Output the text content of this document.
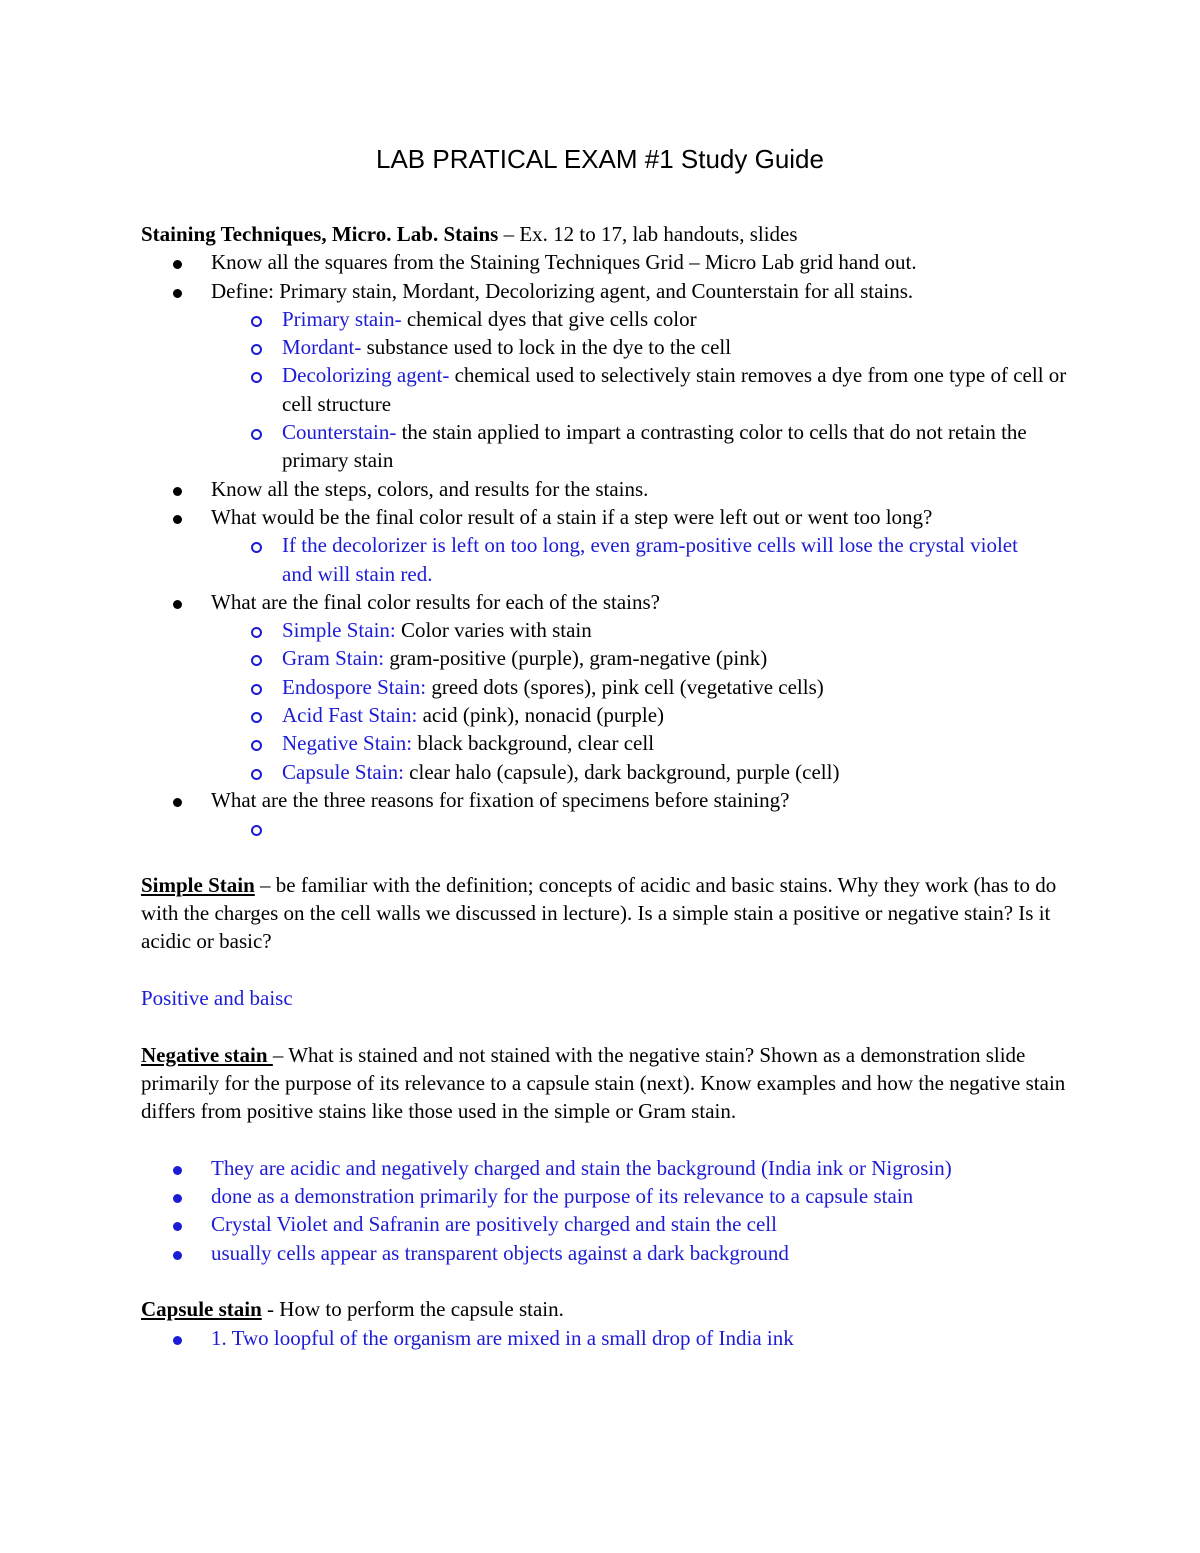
LAB PRATICAL EXAM #1 Study Guide
Staining Techniques, Micro. Lab. Stains – Ex. 12 to 17, lab handouts, slides
Know all the squares from the Staining Techniques Grid – Micro Lab grid hand out.
Define: Primary stain, Mordant, Decolorizing agent, and Counterstain for all stains.
Primary stain- chemical dyes that give cells color
Mordant- substance used to lock in the dye to the cell
Decolorizing agent- chemical used to selectively stain removes a dye from one type of cell or cell structure
Counterstain- the stain applied to impart a contrasting color to cells that do not retain the primary stain
Know all the steps, colors, and results for the stains.
What would be the final color result of a stain if a step were left out or went too long?
If the decolorizer is left on too long, even gram-positive cells will lose the crystal violet and will stain red.
What are the final color results for each of the stains?
Simple Stain: Color varies with stain
Gram Stain: gram-positive (purple), gram-negative (pink)
Endospore Stain: greed dots (spores), pink cell (vegetative cells)
Acid Fast Stain: acid (pink), nonacid (purple)
Negative Stain: black background, clear cell
Capsule Stain: clear halo (capsule), dark background, purple (cell)
What are the three reasons for fixation of specimens before staining?

Simple Stain – be familiar with the definition; concepts of acidic and basic stains. Why they work (has to do with the charges on the cell walls we discussed in lecture). Is a simple stain a positive or negative stain? Is it acidic or basic?
Positive and baisc
Negative stain – What is stained and not stained with the negative stain? Shown as a demonstration slide primarily for the purpose of its relevance to a capsule stain (next). Know examples and how the negative stain differs from positive stains like those used in the simple or Gram stain.
They are acidic and negatively charged and stain the background (India ink or Nigrosin)
done as a demonstration primarily for the purpose of its relevance to a capsule stain
Crystal Violet and Safranin are positively charged and stain the cell
usually cells appear as transparent objects against a dark background
Capsule stain - How to perform the capsule stain.
1. Two loopful of the organism are mixed in a small drop of India ink
